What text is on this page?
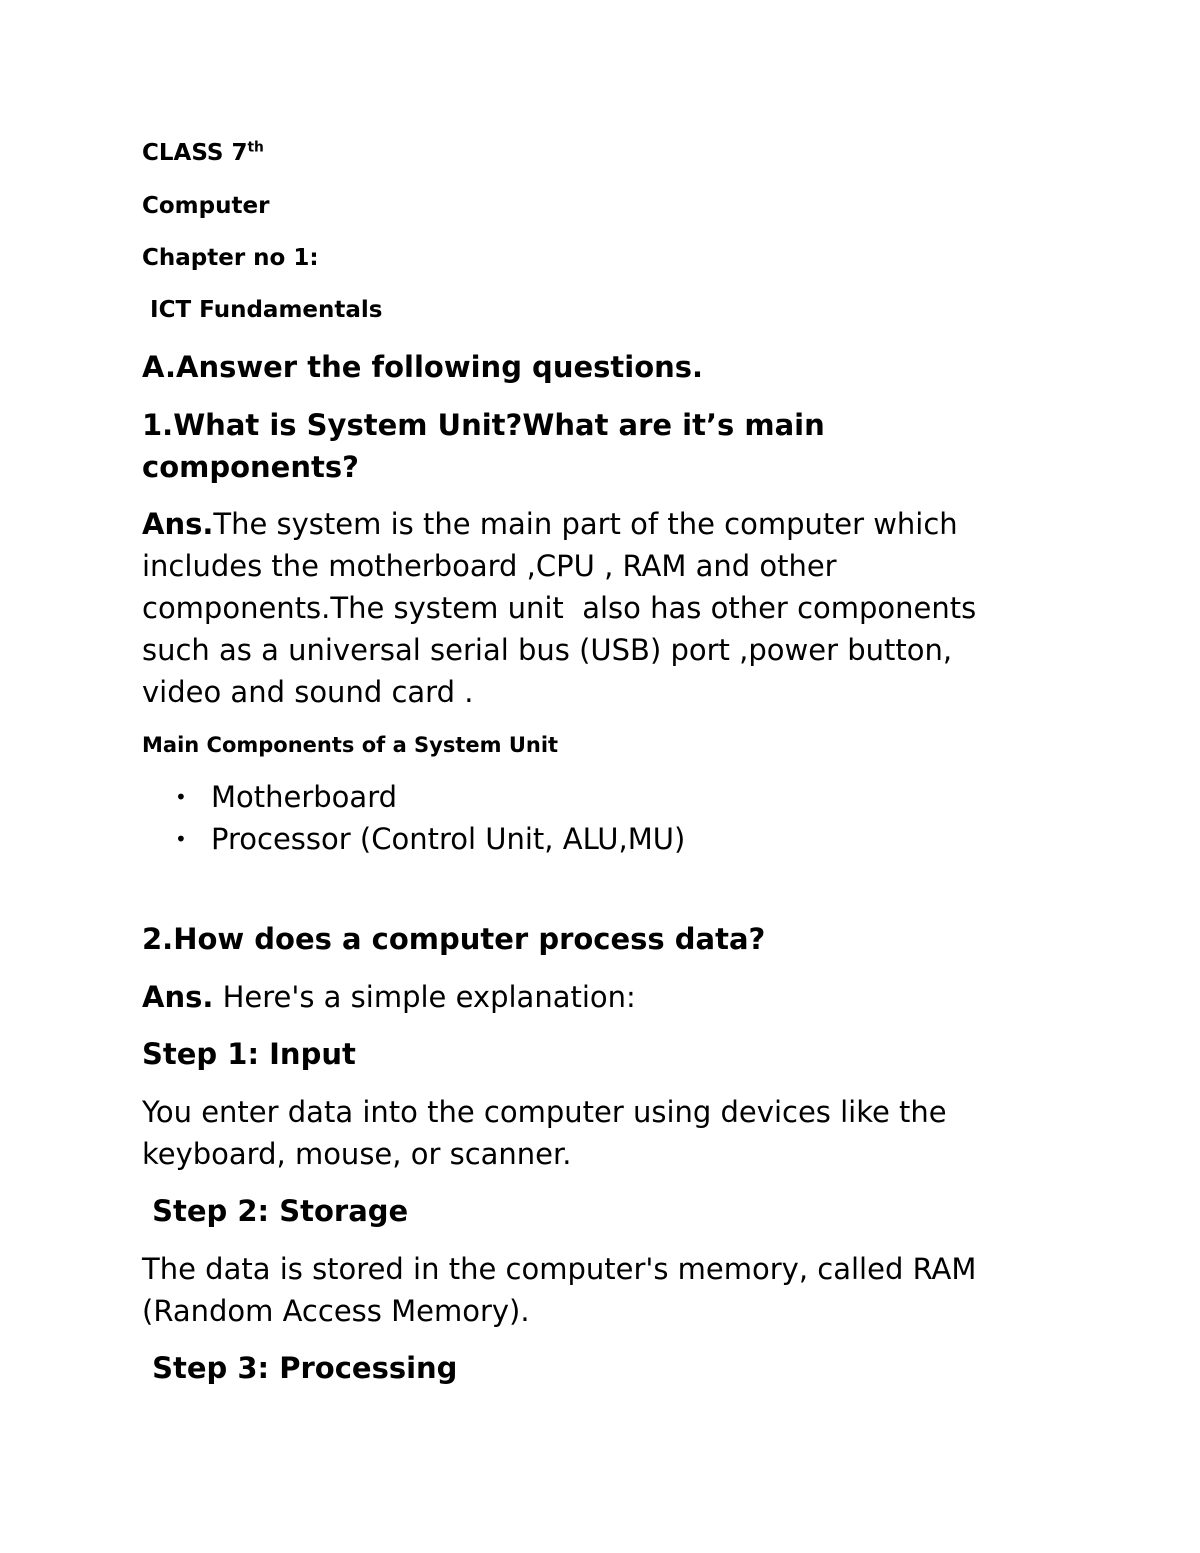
CLASS 7th

Computer

Chapter no 1:

ICT Fundamentals

A.Answer the following questions.

1.What is System Unit?What are it’s main

components?

Ans.The system is the main part of the computer which

includes the motherboard ,CPU , RAM and other

components.The system unit  also has other components

such as a universal serial bus (USB) port ,power button,

video and sound card .

Main Components of a System Unit

• Motherboard
• Processor (Control Unit, ALU,MU)

2.How does a computer process data?

Ans. Here's a simple explanation:

Step 1: Input

You enter data into the computer using devices like the

keyboard, mouse, or scanner.

Step 2: Storage

The data is stored in the computer's memory, called RAM

(Random Access Memory).

Step 3: Processing
